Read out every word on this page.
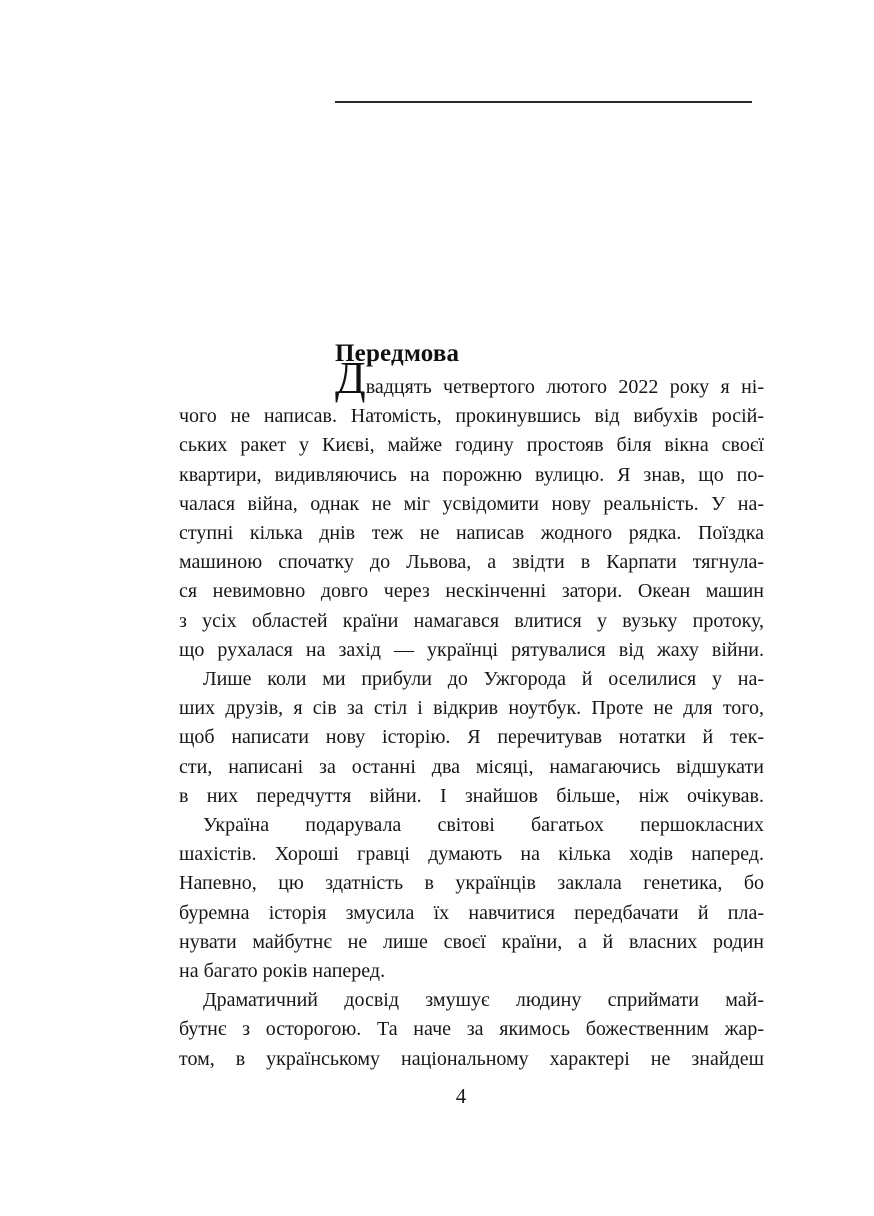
Передмова
Двадцять четвертого лютого 2022 року я ні-
чого не написав. Натомість, прокинувшись від вибухів росій-
ських ракет у Києві, майже годину простояв біля вікна своєї
квартири, видивляючись на порожню вулицю. Я знав, що по-
чалася війна, однак не міг усвідомити нову реальність. У на-
ступні кілька днів теж не написав жодного рядка. Поїздка
машиною спочатку до Львова, а звідти в Карпати тягнула-
ся невимовно довго через нескінченні затори. Океан машин
з усіх областей країни намагався влитися у вузьку протоку,
що рухалася на захід — українці рятувалися від жаху війни.
Лише коли ми прибули до Ужгорода й оселилися у на-
ших друзів, я сів за стіл і відкрив ноутбук. Проте не для того,
щоб написати нову історію. Я перечитував нотатки й тек-
сти, написані за останні два місяці, намагаючись відшукати
в них передчуття війни. І знайшов більше, ніж очікував.
Україна подарувала світові багатьох першокласних
шахістів. Хороші гравці думають на кілька ходів наперед.
Напевно, цю здатність в українців заклала генетика, бо
буремна історія змусила їх навчитися передбачати й пла-
нувати майбутнє не лише своєї країни, а й власних родин
на багато років наперед.
Драматичний досвід змушує людину сприймати май-
бутнє з осторогою. Та наче за якимось божественним жар-
том, в українському національному характері не знайдеш
4
